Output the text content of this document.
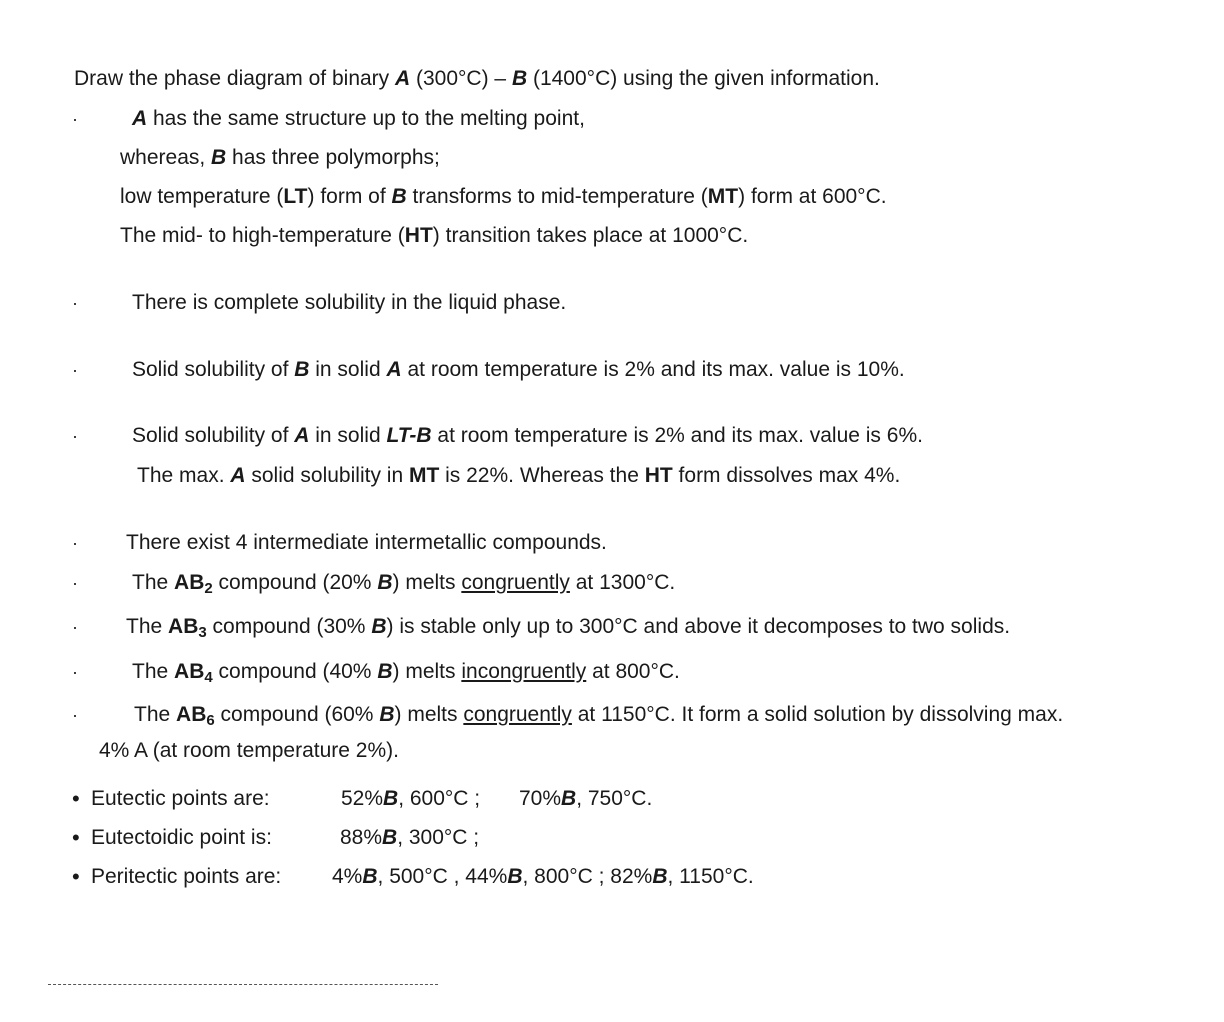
Draw the phase diagram of binary A (300°C) – B (1400°C) using the given information.
·	A has the same structure up to the melting point,
whereas, B has three polymorphs;
low temperature (LT) form of B transforms to mid-temperature (MT) form at 600°C.
The mid- to high-temperature (HT) transition takes place at 1000°C.
·	There is complete solubility in the liquid phase.
·	Solid solubility of B in solid A at room temperature is 2% and its max. value is 10%.
·	Solid solubility of A in solid LT-B at room temperature is 2% and its max. value is 6%.
The max. A solid solubility in MT is 22%. Whereas the HT form dissolves max 4%.
· There exist 4 intermediate intermetallic compounds.
·	The $AB_2$ compound (20% B) melts congruently at 1300°C.
· The $AB_3$ compound (30% B) is stable only up to 300°C and above it decomposes to two solids.
·	The $AB_4$ compound (40% B) melts incongruently at 800°C.
·	The $AB_6$ compound (60% B) melts congruently at 1150°C. It form a solid solution by dissolving max.
4% A (at room temperature 2%).
• Eutectic points are:	52%B, 600°C ; 70%B, 750°C.
• Eutectoidic point is:	88%B, 300°C ;
• Peritectic points are: 4%B, 500°C , 44%B, 800°C ; 82%B, 1150°C.
